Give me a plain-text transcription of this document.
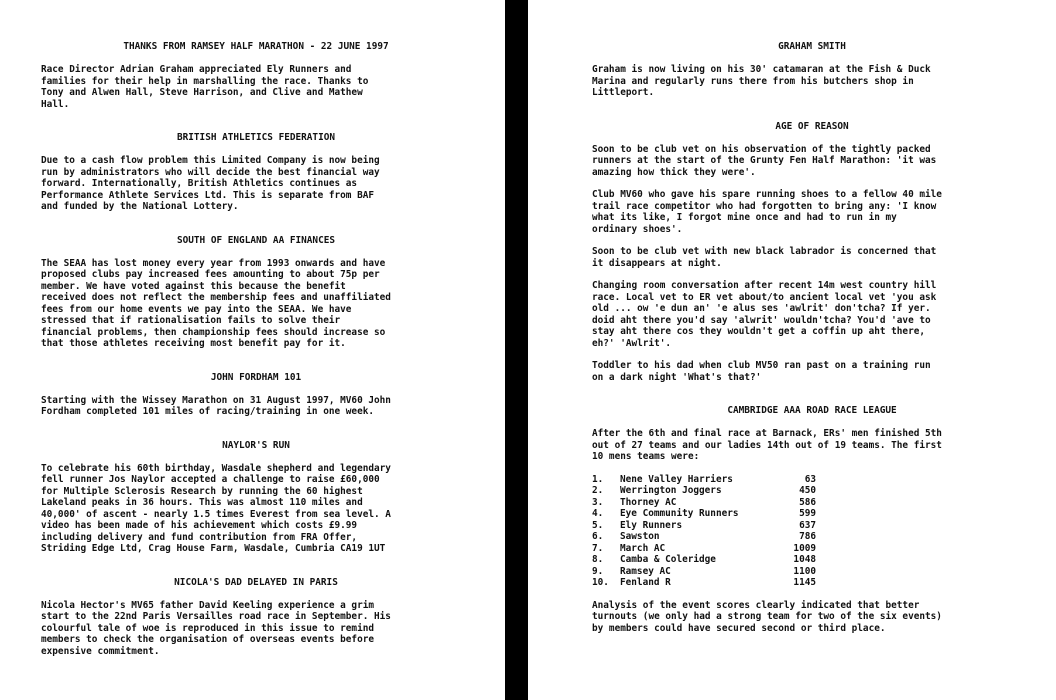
THANKS FROM RAMSEY HALF MARATHON - 22 JUNE 1997

Race Director Adrian Graham appreciated Ely Runners and
families for their help in marshalling the race. Thanks to
Tony and Alwen Hall, Steve Harrison, and Clive and Mathew
Hall.

BRITISH ATHLETICS FEDERATION

Due to a cash flow problem this Limited Company is now being
run by administrators who will decide the best financial way
forward. Internationally, British Athletics continues as
Performance Athlete Services Ltd. This is separate from BAF
and funded by the National Lottery.

SOUTH OF ENGLAND AA FINANCES

The SEAA has lost money every year from 1993 onwards and have
proposed clubs pay increased fees amounting to about 75p per
member. We have voted against this because the benefit
received does not reflect the membership fees and unaffiliated
fees from our home events we pay into the SEAA. We have
stressed that if rationalisation fails to solve their
financial problems, then championship fees should increase so
that those athletes receiving most benefit pay for it.

JOHN FORDHAM 101

Starting with the Wissey Marathon on 31 August 1997, MV60 John
Fordham completed 101 miles of racing/training in one week.

NAYLOR'S RUN

To celebrate his 60th birthday, Wasdale shepherd and legendary
fell runner Jos Naylor accepted a challenge to raise £60,000
for Multiple Sclerosis Research by running the 60 highest
Lakeland peaks in 36 hours. This was almost 110 miles and
40,000' of ascent - nearly 1.5 times Everest from sea level. A
video has been made of his achievement which costs £9.99
including delivery and fund contribution from FRA Offer,
Striding Edge Ltd, Crag House Farm, Wasdale, Cumbria CA19 1UT

NICOLA'S DAD DELAYED IN PARIS

Nicola Hector's MV65 father David Keeling experience a grim
start to the 22nd Paris Versailles road race in September. His
colourful tale of woe is reproduced in this issue to remind
members to check the organisation of overseas events before
expensive commitment.

GRAHAM SMITH

Graham is now living on his 30' catamaran at the Fish & Duck
Marina and regularly runs there from his butchers shop in
Littleport.

AGE OF REASON

Soon to be club vet on his observation of the tightly packed
runners at the start of the Grunty Fen Half Marathon: 'it was
amazing how thick they were'.

Club MV60 who gave his spare running shoes to a fellow 40 mile
trail race competitor who had forgotten to bring any: 'I know
what its like, I forgot mine once and had to run in my
ordinary shoes'.

Soon to be club vet with new black labrador is concerned that
it disappears at night.

Changing room conversation after recent 14m west country hill
race. Local vet to ER vet about/to ancient local vet 'you ask
old ... ow 'e dun an' 'e alus ses 'awlrit' don'tcha? If yer.
doid aht there you'd say 'alwrit' wouldn'tcha? You'd 'ave to
stay aht there cos they wouldn't get a coffin up aht there,
eh?' 'Awlrit'.

Toddler to his dad when club MV50 ran past on a training run
on a dark night 'What's that?'

CAMBRIDGE AAA ROAD RACE LEAGUE

After the 6th and final race at Barnack, ERs' men finished 5th
out of 27 teams and our ladies 14th out of 19 teams. The first
10 mens teams were:

1.	Nene Valley Harriers	63
2.	Werrington Joggers	450
3.	Thorney AC	586
4.	Eye Community Runners	599
5.	Ely Runners	637
6.	Sawston	786
7.	March AC	1009
8.	Camba & Coleridge	1048
9.	Ramsey AC	1100
10.	Fenland R	1145

Analysis of the event scores clearly indicated that better
turnouts (we only had a strong team for two of the six events)
by members could have secured second or third place.
